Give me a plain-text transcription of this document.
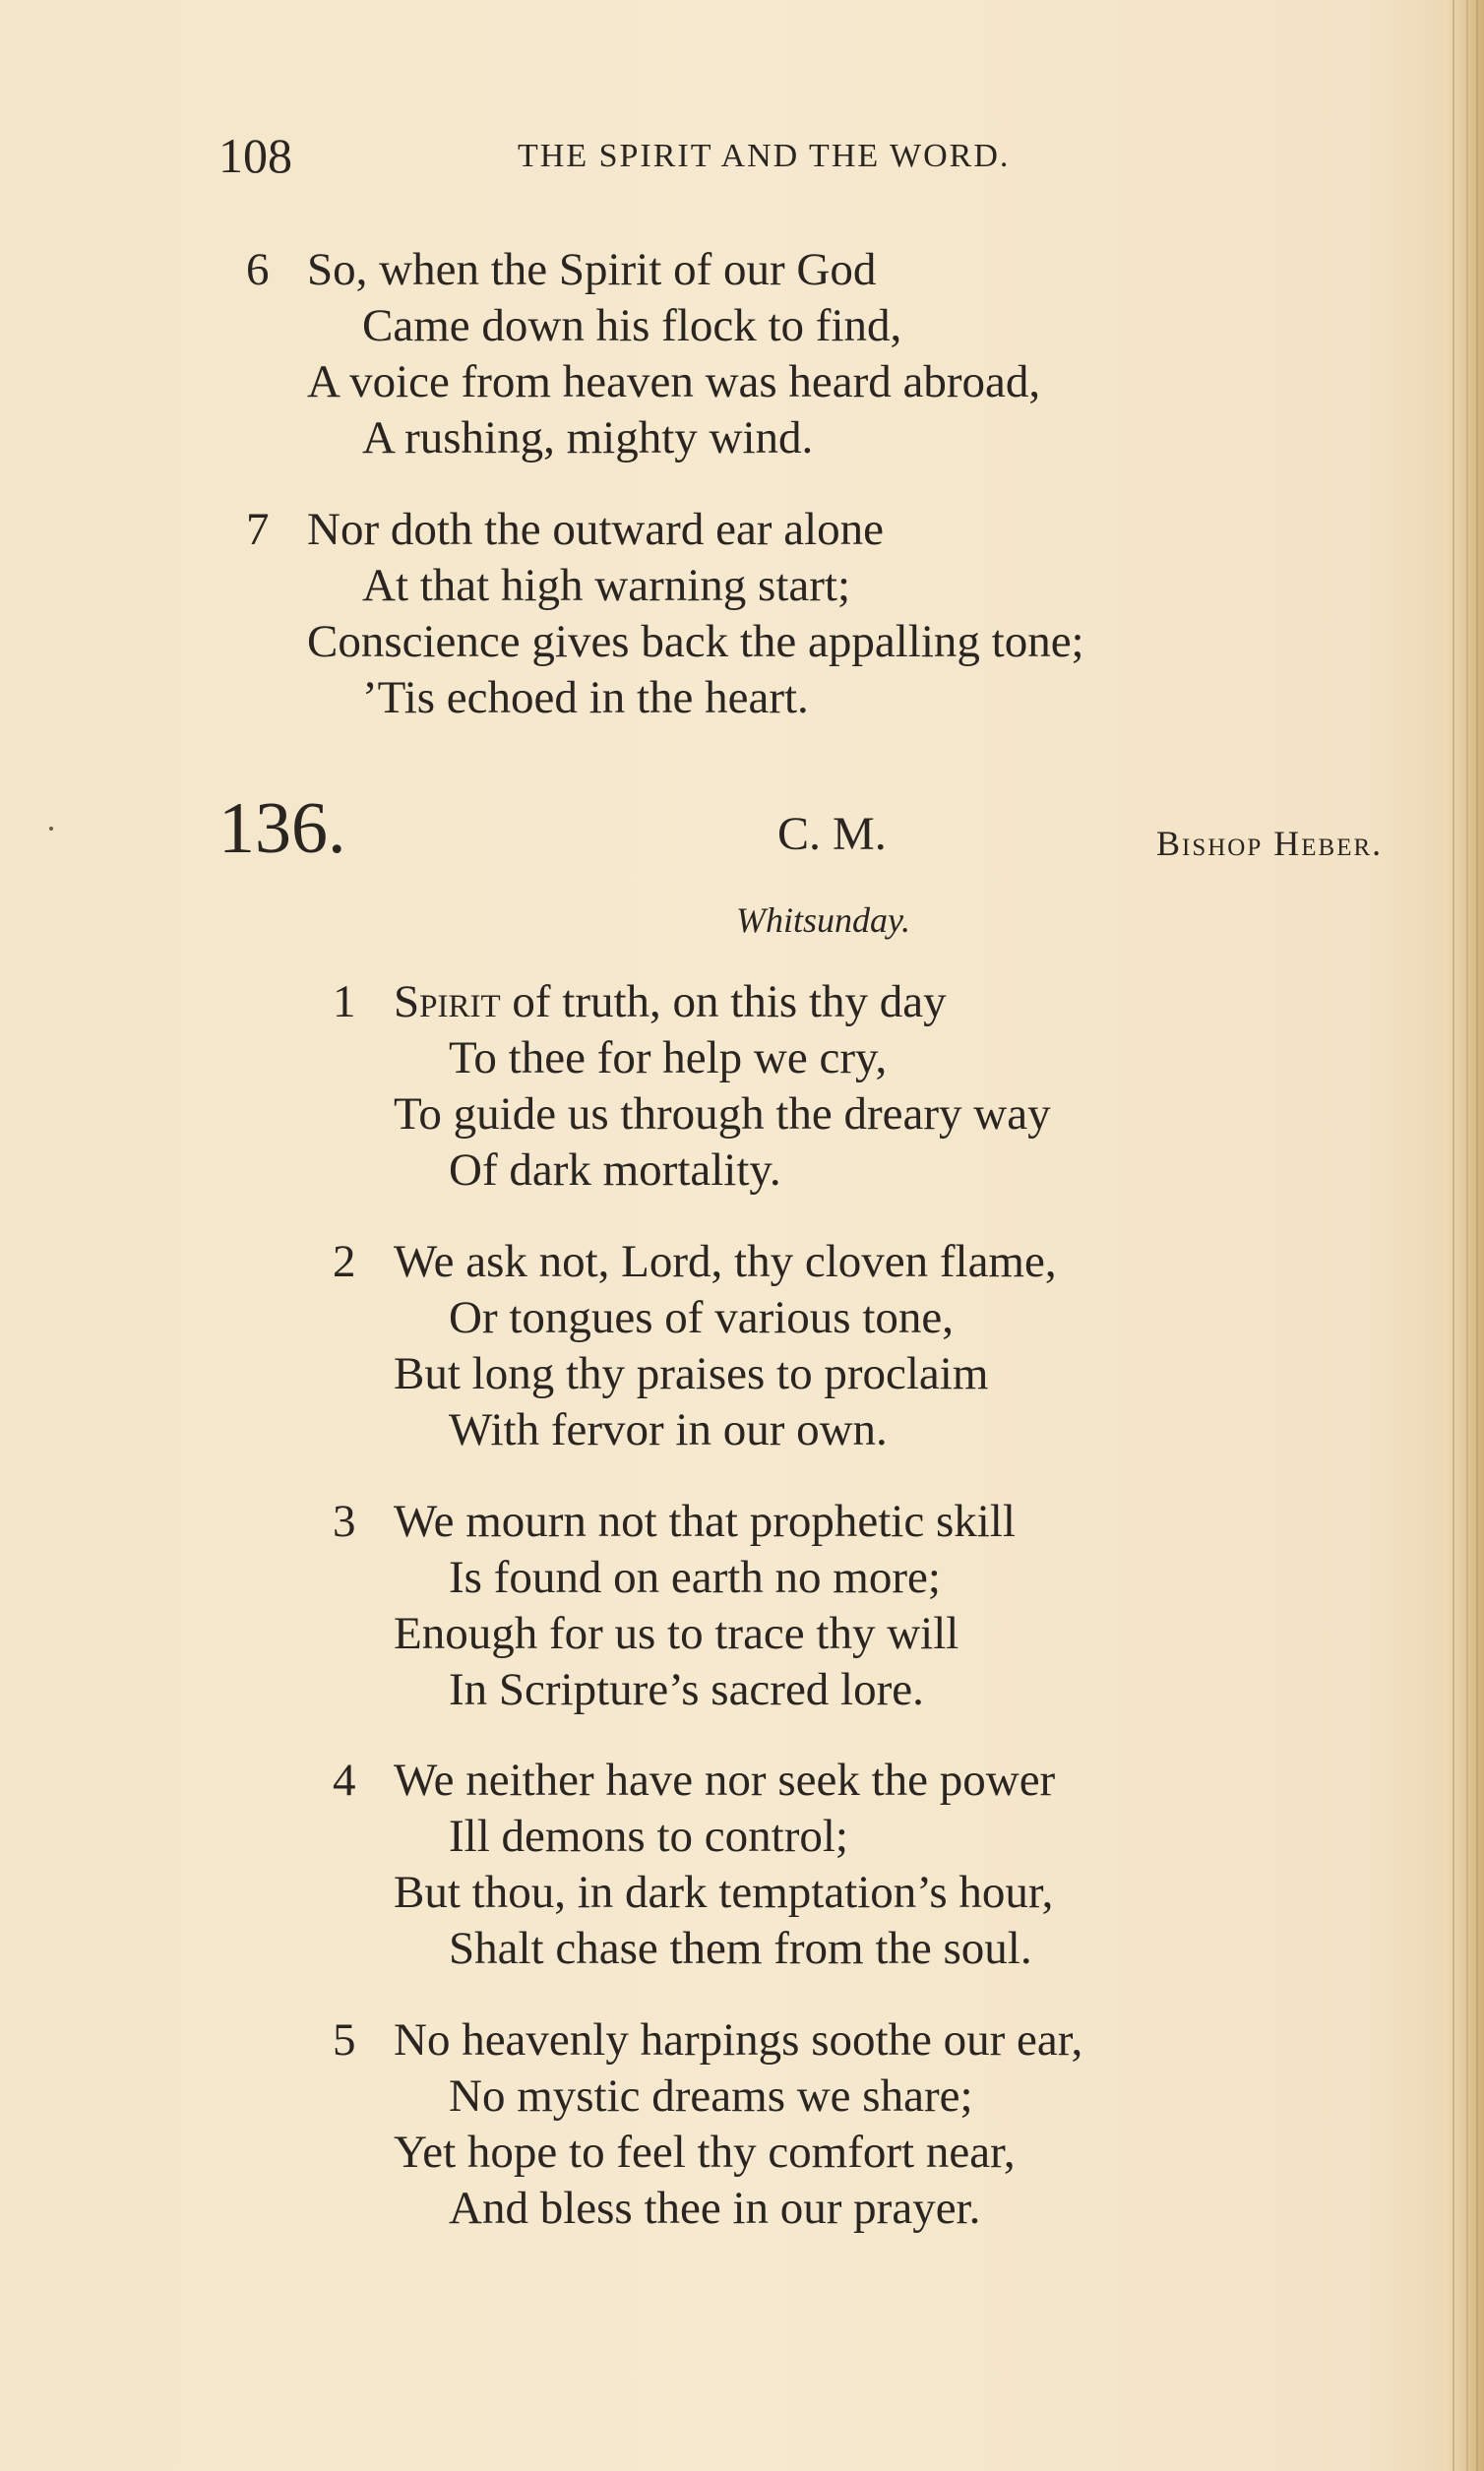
108	THE SPIRIT AND THE WORD.
6 So, when the Spirit of our God
Came down his flock to find,
A voice from heaven was heard abroad,
A rushing, mighty wind.
7 Nor doth the outward ear alone
At that high warning start;
Conscience gives back the appalling tone;
’Tis echoed in the heart.
136.	C. M.	Bishop Heber.
Whitsunday.
1 Spirit of truth, on this thy day
To thee for help we cry,
To guide us through the dreary way
Of dark mortality.
2 We ask not, Lord, thy cloven flame,
Or tongues of various tone,
But long thy praises to proclaim
With fervor in our own.
3 We mourn not that prophetic skill
Is found on earth no more;
Enough for us to trace thy will
In Scripture’s sacred lore.
4 We neither have nor seek the power
Ill demons to control;
But thou, in dark temptation’s hour,
Shalt chase them from the soul.
5 No heavenly harpings soothe our ear,
No mystic dreams we share;
Yet hope to feel thy comfort near,
And bless thee in our prayer.
